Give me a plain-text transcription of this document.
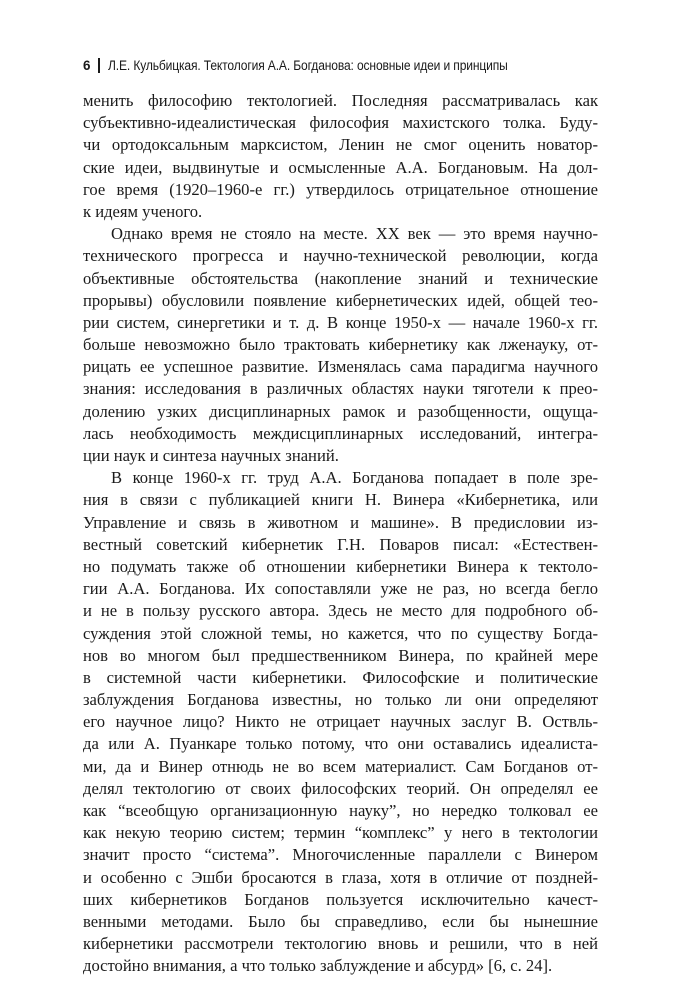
6 Л.Е. Кульбицкая. Тектология А.А. Богданова: основные идеи и принципы
менить философию тектологией. Последняя рассматривалась как
субъективно-идеалистическая философия махистского толка. Буду-
чи ортодоксальным марксистом, Ленин не смог оценить новатор-
ские идеи, выдвинутые и осмысленные А.А. Богдановым. На дол-
гое время (1920–1960-е гг.) утвердилось отрицательное отношение
к идеям ученого.
Однако время не стояло на месте. XX век — это время научно-
технического прогресса и научно-технической революции, когда
объективные обстоятельства (накопление знаний и технические
прорывы) обусловили появление кибернетических идей, общей тео-
рии систем, синергетики и т. д. В конце 1950-х — начале 1960-х гг.
больше невозможно было трактовать кибернетику как лженауку, от-
рицать ее успешное развитие. Изменялась сама парадигма научного
знания: исследования в различных областях науки тяготели к прео-
долению узких дисциплинарных рамок и разобщенности, ощуща-
лась необходимость междисциплинарных исследований, интегра-
ции наук и синтеза научных знаний.
В конце 1960-х гг. труд А.А. Богданова попадает в поле зре-
ния в связи с публикацией книги Н. Винера «Кибернетика, или
Управление и связь в животном и машине». В предисловии из-
вестный советский кибернетик Г.Н. Поваров писал: «Естествен-
но подумать также об отношении кибернетики Винера к тектоло-
гии А.А. Богданова. Их сопоставляли уже не раз, но всегда бегло
и не в пользу русского автора. Здесь не место для подробного об-
суждения этой сложной темы, но кажется, что по существу Богда-
нов во многом был предшественником Винера, по крайней мере
в системной части кибернетики. Философские и политические
заблуждения Богданова известны, но только ли они определяют
его научное лицо? Никто не отрицает научных заслуг В. Оствль-
да или А. Пуанкаре только потому, что они оставались идеалиста-
ми, да и Винер отнюдь не во всем материалист. Сам Богданов от-
делял тектологию от своих философских теорий. Он определял ее
как “всеобщую организационную науку”, но нередко толковал ее
как некую теорию систем; термин “комплекс” у него в тектологии
значит просто “система”. Многочисленные параллели с Винером
и особенно с Эшби бросаются в глаза, хотя в отличие от поздней-
ших кибернетиков Богданов пользуется исключительно качест-
венными методами. Было бы справедливо, если бы нынешние
кибернетики рассмотрели тектологию вновь и решили, что в ней
достойно внимания, а что только заблуждение и абсурд» [6, с. 24].
